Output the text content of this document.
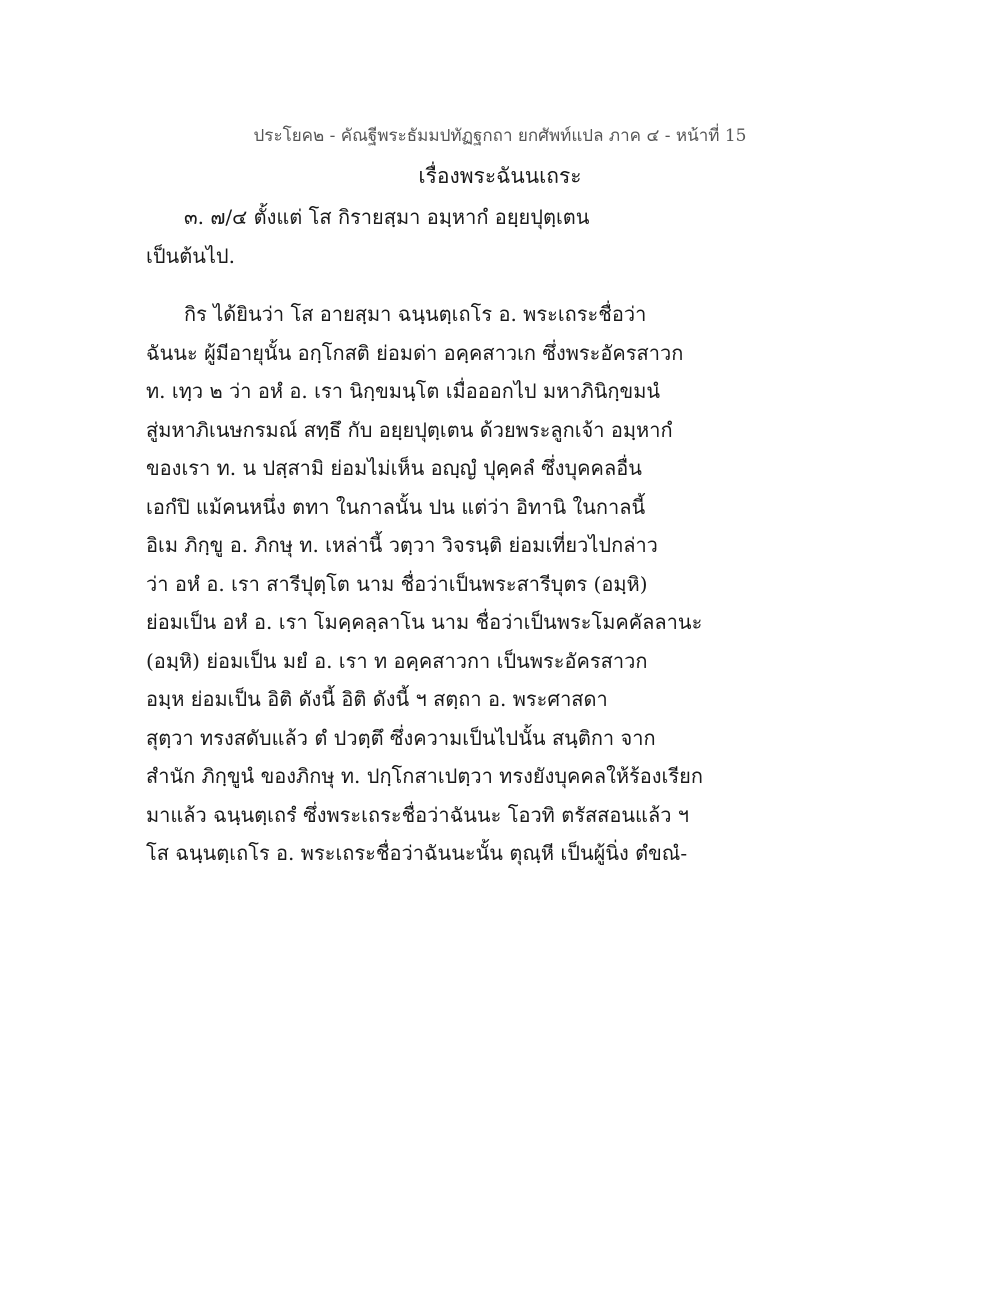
ประโยค๒ - คัณฐีพระธัมมปทัฏฐกถา ยกศัพท์แปล ภาค ๔ - หน้าที่ 15
เรื่องพระฉันนเถระ
๓. ๗/๔ ตั้งแต่ โส กิรายสฺมา อมฺหากํ อยฺยปุตฺเตน
เป็นต้นไป.
กิร ได้ยินว่า โส อายสฺมา ฉนฺนตฺเถโร อ. พระเถระชื่อว่า
ฉันนะ ผู้มีอายุนั้น อกฺโกสติ ย่อมด่า อคฺคสาวเก ซึ่งพระอัครสาวก
ท. เทฺว ๒ ว่า อหํ อ. เรา นิกฺขมนฺโต เมื่อออกไป มหาภินิกฺขมนํ
สู่มหาภิเนษกรมณ์ สทฺธึ กับ อยฺยปุตฺเตน ด้วยพระลูกเจ้า อมฺหากํ
ของเรา ท. น ปสฺสามิ ย่อมไม่เห็น อญฺญํ ปุคฺคลํ ซึ่งบุคคลอื่น
เอกํปิ แม้คนหนึ่ง ตทา ในกาลนั้น ปน แต่ว่า อิทานิ ในกาลนี้
อิเม ภิกฺขู อ. ภิกษุ ท. เหล่านี้ วตฺวา วิจรนฺติ ย่อมเที่ยวไปกล่าว
ว่า อหํ อ. เรา สารีปุตฺโต นาม ชื่อว่าเป็นพระสารีบุตร (อมฺหิ)
ย่อมเป็น อหํ อ. เรา โมคฺคลฺลาโน นาม ชื่อว่าเป็นพระโมคคัลลานะ
(อมฺหิ) ย่อมเป็น มยํ อ. เรา ท อคฺคสาวกา เป็นพระอัครสาวก
อมฺห ย่อมเป็น อิติ ดังนี้ อิติ ดังนี้ ฯ สตฺถา อ. พระศาสดา
สุตฺวา ทรงสดับแล้ว ตํ ปวตฺตึ ซึ่งความเป็นไปนั้น สนฺติกา จาก
สำนัก ภิกฺขูนํ ของภิกษุ ท. ปกฺโกสาเปตฺวา ทรงยังบุคคลให้ร้องเรียก
มาแล้ว ฉนฺนตฺเถรํ ซึ่งพระเถระชื่อว่าฉันนะ โอวทิ ตรัสสอนแล้ว ฯ
โส ฉนฺนตฺเถโร อ. พระเถระชื่อว่าฉันนะนั้น ตุณฺหี เป็นผู้นิ่ง ตํขณํ-
